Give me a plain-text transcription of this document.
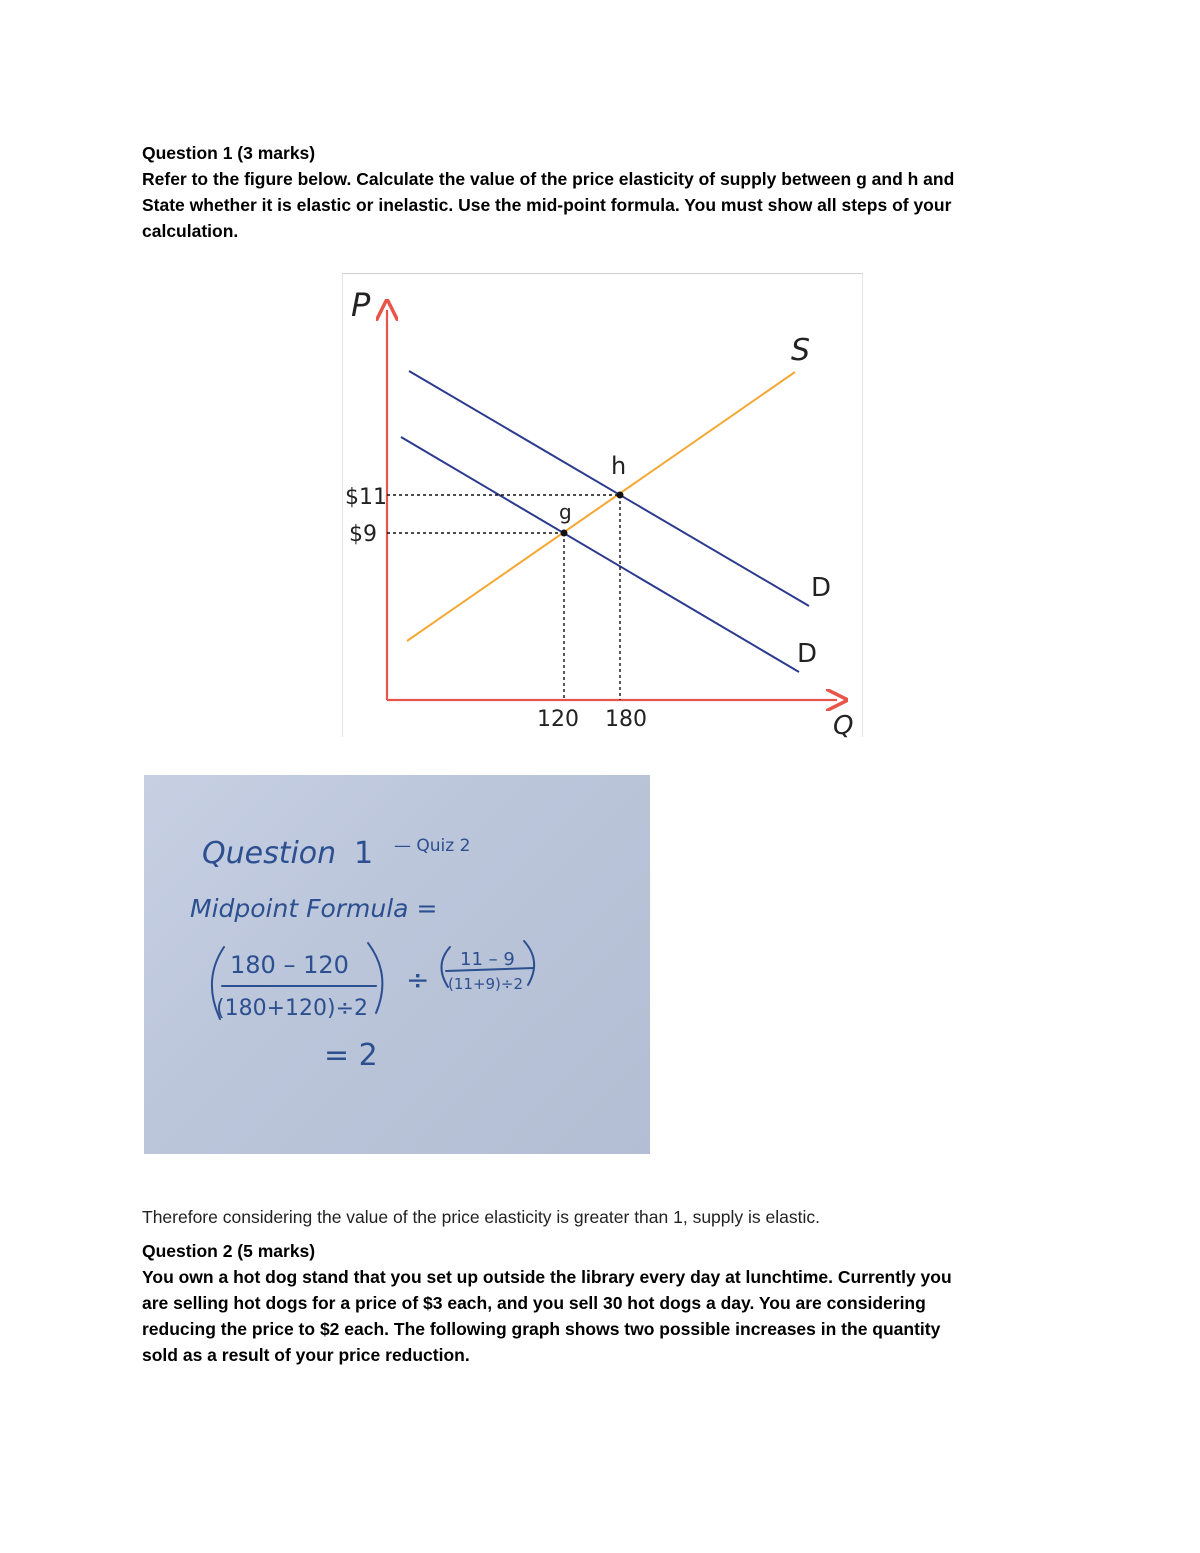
Question 1 (3 marks)

Refer to the figure below. Calculate the value of the price elasticity of supply between g and h and

State whether it is elastic or inelastic. Use the mid-point formula. You must show all steps of your

calculation.

P
Q
$11
$9
120 180
g
h
S
D
D
Question 1 — Quiz 2
Midpoint Formula =
180 – 120
(180+120)÷2
÷
11 – 9
(11+9)÷2
= 2

Therefore considering the value of the price elasticity is greater than 1, supply is elastic.

Question 2 (5 marks)

You own a hot dog stand that you set up outside the library every day at lunchtime. Currently you

are selling hot dogs for a price of $3 each, and you sell 30 hot dogs a day. You are considering

reducing the price to $2 each. The following graph shows two possible increases in the quantity

sold as a result of your price reduction.
